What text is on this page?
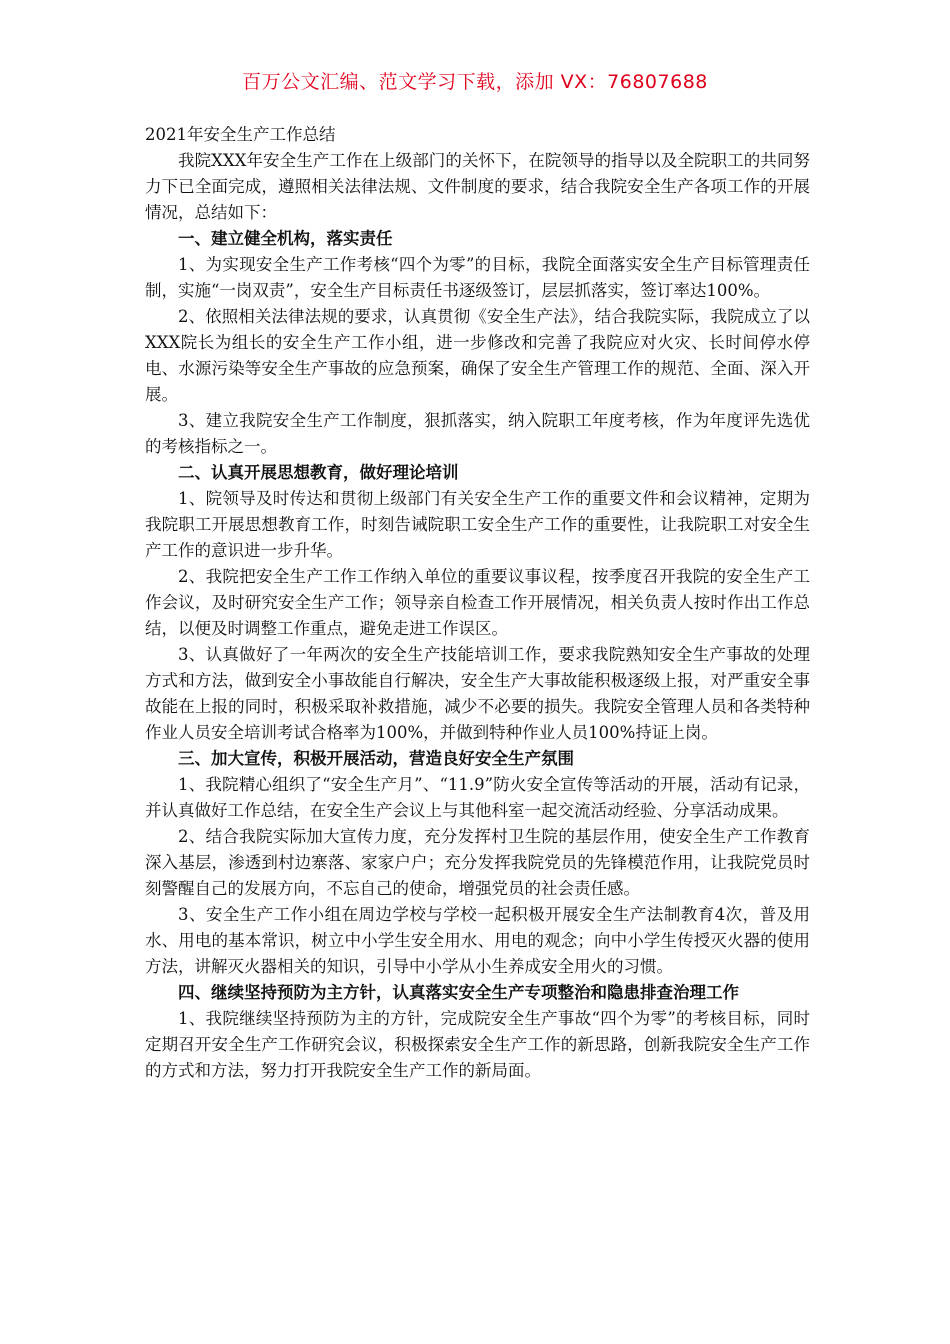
百万公文汇编、范文学习下载，添加 VX：76807688
2021年安全生产工作总结

我院XXX年安全生产工作在上级部门的关怀下，在院领导的指导以及全院职工的共同努力下已全面完成，遵照相关法律法规、文件制度的要求，结合我院安全生产各项工作的开展情况，总结如下：

一、建立健全机构，落实责任

1、为实现安全生产工作考核“四个为零”的目标，我院全面落实安全生产目标管理责任制，实施“一岗双责”，安全生产目标责任书逐级签订，层层抓落实，签订率达100%。

2、依照相关法律法规的要求，认真贯彻《安全生产法》，结合我院实际，我院成立了以XXX院长为组长的安全生产工作小组，进一步修改和完善了我院应对火灾、长时间停水停电、水源污染等安全生产事故的应急预案，确保了安全生产管理工作的规范、全面、深入开展。

3、建立我院安全生产工作制度，狠抓落实，纳入院职工年度考核，作为年度评先选优的考核指标之一。

二、认真开展思想教育，做好理论培训

1、院领导及时传达和贯彻上级部门有关安全生产工作的重要文件和会议精神，定期为我院职工开展思想教育工作，时刻告诫院职工安全生产工作的重要性，让我院职工对安全生产工作的意识进一步升华。

2、我院把安全生产工作工作纳入单位的重要议事议程，按季度召开我院的安全生产工作会议，及时研究安全生产工作；领导亲自检查工作开展情况，相关负责人按时作出工作总结，以便及时调整工作重点，避免走进工作误区。

3、认真做好了一年两次的安全生产技能培训工作，要求我院熟知安全生产事故的处理方式和方法，做到安全小事故能自行解决，安全生产大事故能积极逐级上报，对严重安全事故能在上报的同时，积极采取补救措施，减少不必要的损失。我院安全管理人员和各类特种作业人员安全培训考试合格率为100%，并做到特种作业人员100%持证上岗。

三、加大宣传，积极开展活动，营造良好安全生产氛围

1、我院精心组织了“安全生产月”、“11.9”防火安全宣传等活动的开展，活动有记录，并认真做好工作总结，在安全生产会议上与其他科室一起交流活动经验、分享活动成果。

2、结合我院实际加大宣传力度，充分发挥村卫生院的基层作用，使安全生产工作教育深入基层，渗透到村边寨落、家家户户；充分发挥我院党员的先锋模范作用，让我院党员时刻警醒自己的发展方向，不忘自己的使命，增强党员的社会责任感。

3、安全生产工作小组在周边学校与学校一起积极开展安全生产法制教育4次，普及用水、用电的基本常识，树立中小学生安全用水、用电的观念；向中小学生传授灭火器的使用方法，讲解灭火器相关的知识，引导中小学从小生养成安全用火的习惯。

四、继续坚持预防为主方针，认真落实安全生产专项整治和隐患排查治理工作

1、我院继续坚持预防为主的方针，完成院安全生产事故“四个为零”的考核目标，同时定期召开安全生产工作研究会议，积极探索安全生产工作的新思路，创新我院安全生产工作的方式和方法，努力打开我院安全生产工作的新局面。
